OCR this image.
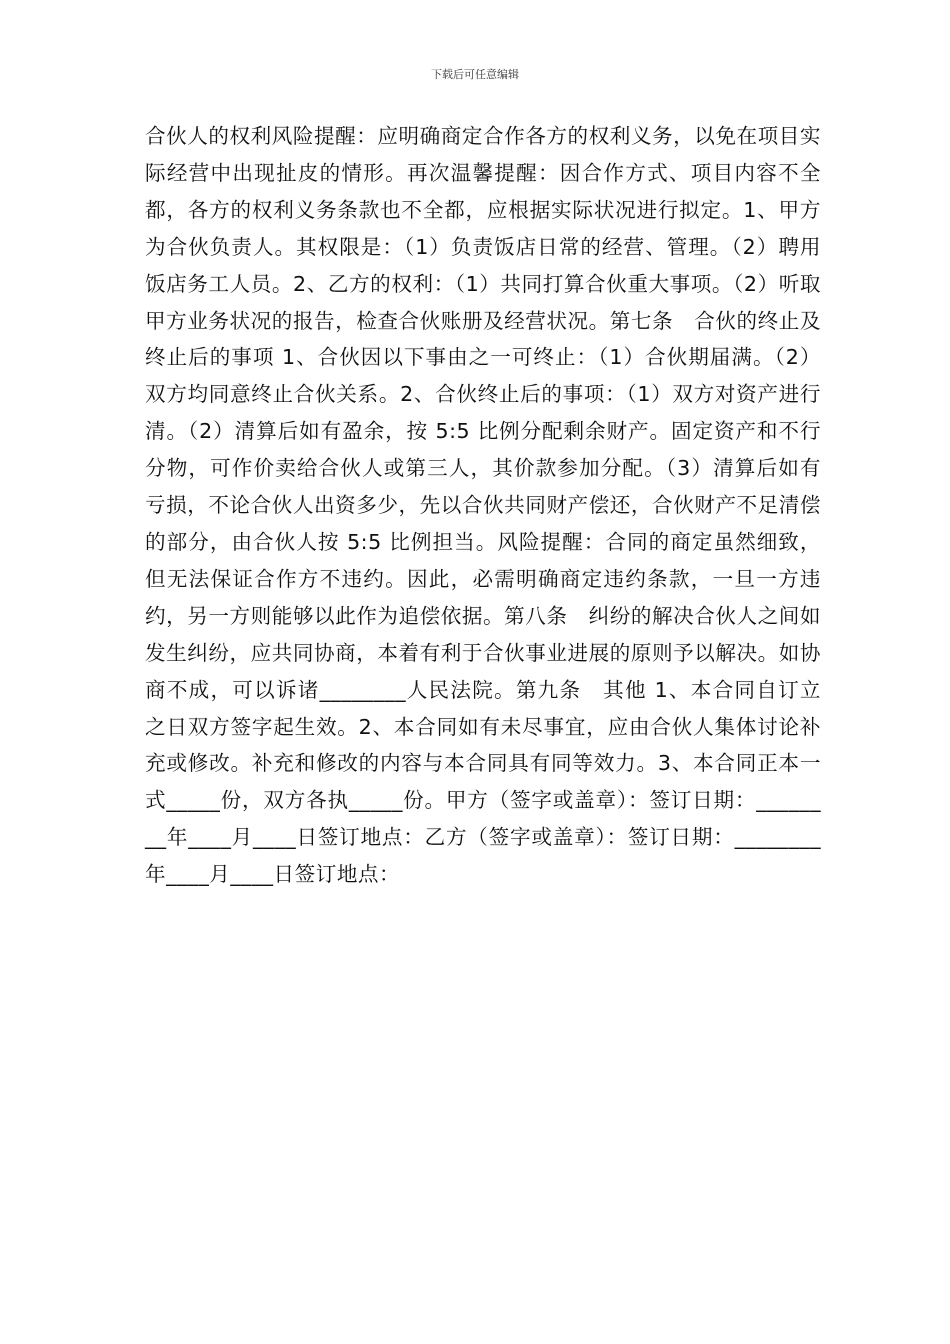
下载后可任意编辑

合伙人的权利风险提醒：应明确商定合作各方的权利义务，以免在项目实际经营中出现扯皮的情形。再次温馨提醒：因合作方式、项目内容不全都，各方的权利义务条款也不全都，应根据实际状况进行拟定。1、甲方为合伙负责人。其权限是：（1）负责饭店日常的经营、管理。（2）聘用饭店务工人员。2、乙方的权利：（1）共同打算合伙重大事项。（2）听取甲方业务状况的报告，检查合伙账册及经营状况。第七条　合伙的终止及终止后的事项 1、合伙因以下事由之一可终止：（1）合伙期届满。（2）双方均同意终止合伙关系。2、合伙终止后的事项：（1）双方对资产进行清。（2）清算后如有盈余，按 5:5 比例分配剩余财产。固定资产和不行分物，可作价卖给合伙人或第三人，其价款参加分配。（3）清算后如有亏损，不论合伙人出资多少，先以合伙共同财产偿还，合伙财产不足清偿的部分，由合伙人按 5:5 比例担当。风险提醒：合同的商定虽然细致，但无法保证合作方不违约。因此，必需明确商定违约条款，一旦一方违约，另一方则能够以此作为追偿依据。第八条　纠纷的解决合伙人之间如发生纠纷，应共同协商，本着有利于合伙事业进展的原则予以解决。如协商不成，可以诉诸________人民法院。第九条　其他 1、本合同自订立之日双方签字起生效。2、本合同如有未尽事宜，应由合伙人集体讨论补充或修改。补充和修改的内容与本合同具有同等效力。3、本合同正本一式_____份，双方各执_____份。甲方（签字或盖章）：签订日期：________年____月____日签订地点：乙方（签字或盖章）：签订日期：________年____月____日签订地点：
